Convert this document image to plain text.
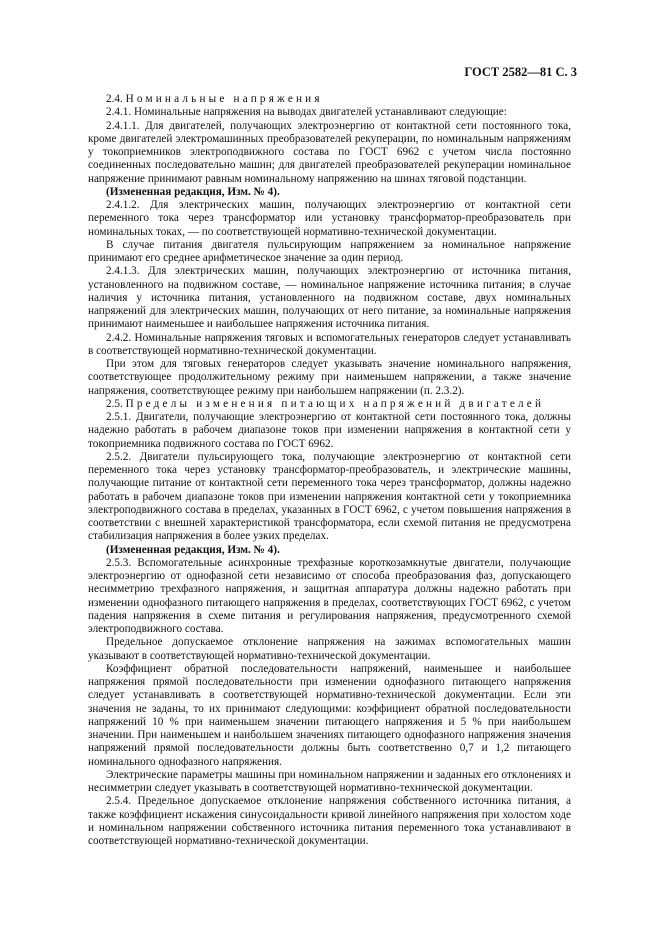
ГОСТ 2582—81 С. 3

2.4. Номинальные напряжения

2.4.1. Номинальные напряжения на выводах двигателей устанавливают следующие:

2.4.1.1. Для двигателей, получающих электроэнергию от контактной сети постоянного тока, кроме двигателей электромашинных преобразователей рекуперации, по номинальным напряжениям у токоприемников электроподвижного состава по ГОСТ 6962 с учетом числа постоянно соединенных последовательно машин; для двигателей преобразователей рекуперации номинальное напряжение принимают равным номинальному напряжению на шинах тяговой подстанции.

(Измененная редакция, Изм. № 4).

2.4.1.2. Для электрических машин, получающих электроэнергию от контактной сети переменного тока через трансформатор или установку трансформатор-преобразователь при номинальных токах, — по соответствующей нормативно-технической документации.

В случае питания двигателя пульсирующим напряжением за номинальное напряжение принимают его среднее арифметическое значение за один период.

2.4.1.3. Для электрических машин, получающих электроэнергию от источника питания, установленного на подвижном составе, — номинальное напряжение источника питания; в случае наличия у источника питания, установленного на подвижном составе, двух номинальных напряжений для электрических машин, получающих от него питание, за номинальные напряжения принимают наименьшее и наибольшее напряжения источника питания.

2.4.2. Номинальные напряжения тяговых и вспомогательных генераторов следует устанавливать в соответствующей нормативно-технической документации.

При этом для тяговых генераторов следует указывать значение номинального напряжения, соответствующее продолжительному режиму при наименьшем напряжении, а также значение напряжения, соответствующее режиму при наибольшем напряжении (п. 2.3.2).

2.5. Пределы изменения питающих напряжений двигателей

2.5.1. Двигатели, получающие электроэнергию от контактной сети постоянного тока, должны надежно работать в рабочем диапазоне токов при изменении напряжения в контактной сети у токоприемника подвижного состава по ГОСТ 6962.

2.5.2. Двигатели пульсирующего тока, получающие электроэнергию от контактной сети переменного тока через установку трансформатор-преобразователь, и электрические машины, получающие питание от контактной сети переменного тока через трансформатор, должны надежно работать в рабочем диапазоне токов при изменении напряжения контактной сети у токоприемника электроподвижного состава в пределах, указанных в ГОСТ 6962, с учетом повышения напряжения в соответствии с внешней характеристикой трансформатора, если схемой питания не предусмотрена стабилизация напряжения в более узких пределах.

(Измененная редакция, Изм. № 4).

2.5.3. Вспомогательные асинхронные трехфазные короткозамкнутые двигатели, получающие электроэнергию от однофазной сети независимо от способа преобразования фаз, допускающего несимметрию трехфазного напряжения, и защитная аппаратура должны надежно работать при изменении однофазного питающего напряжения в пределах, соответствующих ГОСТ 6962, с учетом падения напряжения в схеме питания и регулирования напряжения, предусмотренного схемой электроподвижного состава.

Предельное допускаемое отклонение напряжения на зажимах вспомогательных машин указывают в соответствующей нормативно-технической документации.

Коэффициент обратной последовательности напряжений, наименьшее и наибольшее напряжения прямой последовательности при изменении однофазного питающего напряжения следует устанавливать в соответствующей нормативно-технической документации. Если эти значения не заданы, то их принимают следующими: коэффициент обратной последовательности напряжений 10 % при наименьшем значении питающего напряжения и 5 % при наибольшем значении. При наименьшем и наибольшем значениях питающего однофазного напряжения значения напряжений прямой последовательности должны быть соответственно 0,7 и 1,2 питающего номинального однофазного напряжения.

Электрические параметры машины при номинальном напряжении и заданных его отклонениях и несимметрии следует указывать в соответствующей нормативно-технической документации.

2.5.4. Предельное допускаемое отклонение напряжения собственного источника питания, а также коэффициент искажения синусоидальности кривой линейного напряжения при холостом ходе и номинальном напряжении собственного источника питания переменного тока устанавливают в соответствующей нормативно-технической документации.
